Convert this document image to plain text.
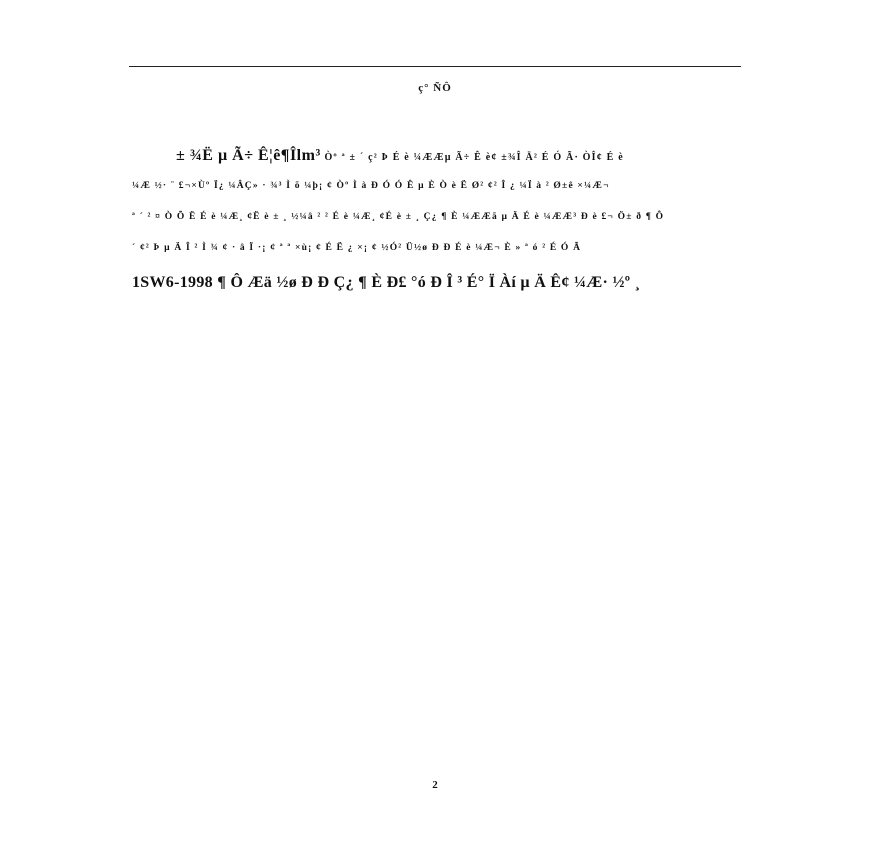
ç° ÑÔ
± ¾Ë µ Ã÷ Ê¦ê¶Îlm³ Òº ª ± ´ ç² Þ É è ¼ÆÆµ Ã÷ Ê è¢ ±¾Î Ä² É Ó Ã· ÒÎ¢ É è
¼Æ ½· ¨ £¬×Ùº Ï¿ ¼ÂÇ» · ¾³ Ì õ ¼þ¡ ¢ Òº Ì à Ð Ó Ó Ê µ È Ò è Ë Ø² ¢² Î ¿ ¼Ï à ² Ø±ê ×¼Æ¬
ª ´ ² ¤ Ò Õ Ë É è ¼Æ¸ ¢Ë è ± ¸ ½¼â ² ² É è ¼Æ¸ ¢É è ± ¸ Ç¿ ¶ È ¼ÆÆã µ Ä É è ¼ÆÆ³ Ð è £¬ Ö± ð ¶ Ô
´ ¢² Þ µ Ä Î ² Ì ¾ ¢ · â Ï ·¡ ¢ ª ª ×ù¡ ¢ É Ë ¿ ×¡ ¢ ½Ó² Ü½ø Ð Ð É è ¼Æ¬ È » ª ó ² É Ó Ã
1SW6-1998 ¶ Ô Æä ½ø Ð Ð Ç¿ ¶ È Ð£ °ó Ð Î ³ É° Ï Àí µ Ä Ê¢ ¼Æ· ½º ¸
2
